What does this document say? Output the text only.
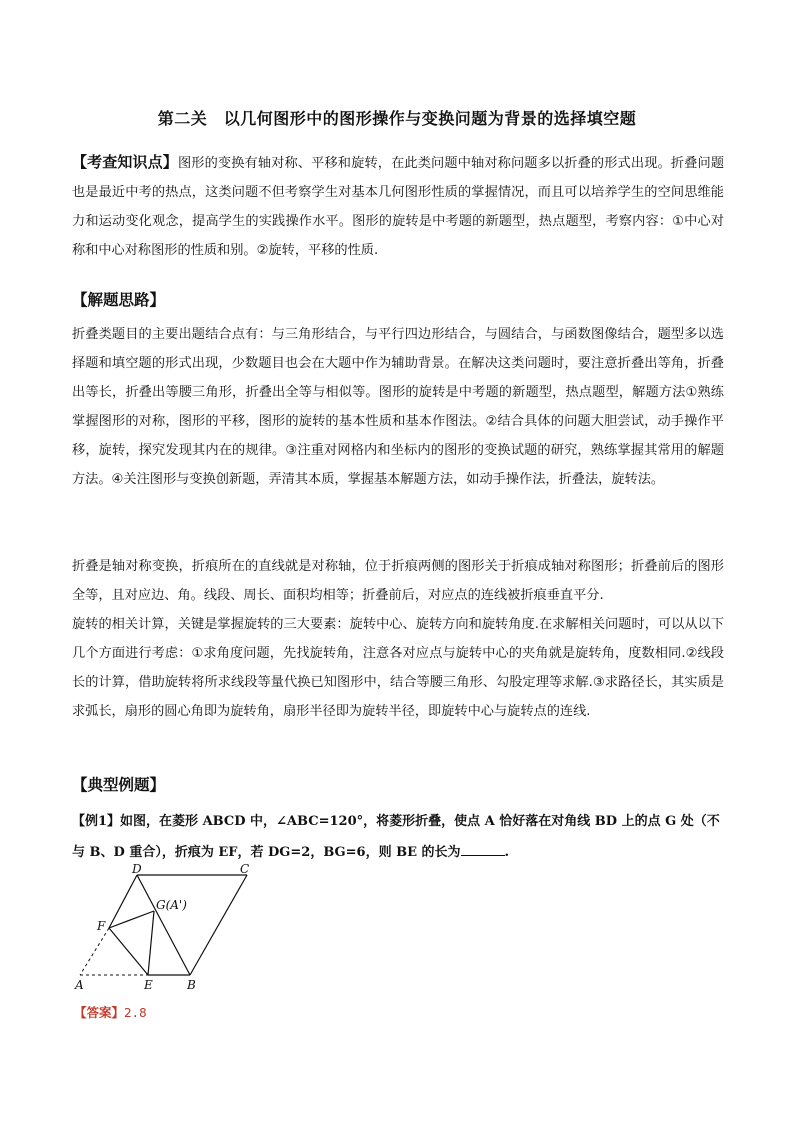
第二关　以几何图形中的图形操作与变换问题为背景的选择填空题
【考查知识点】图形的变换有轴对称、平移和旋转，在此类问题中轴对称问题多以折叠的形式出现。折叠问题也是最近中考的热点，这类问题不但考察学生对基本几何图形性质的掌握情况，而且可以培养学生的空间思维能力和运动变化观念，提高学生的实践操作水平。图形的旋转是中考题的新题型，热点题型，考察内容：①中心对称和中心对称图形的性质和别。②旋转，平移的性质.
【解题思路】
折叠类题目的主要出题结合点有：与三角形结合，与平行四边形结合，与圆结合，与函数图像结合，题型多以选择题和填空题的形式出现，少数题目也会在大题中作为辅助背景。在解决这类问题时，要注意折叠出等角，折叠出等长，折叠出等腰三角形，折叠出全等与相似等。图形的旋转是中考题的新题型，热点题型，解题方法①熟练掌握图形的对称，图形的平移，图形的旋转的基本性质和基本作图法。②结合具体的问题大胆尝试，动手操作平移，旋转，探究发现其内在的规律。③注重对网格内和坐标内的图形的变换试题的研究，熟练掌握其常用的解题方法。④关注图形与变换创新题，弄清其本质，掌握基本解题方法，如动手操作法，折叠法，旋转法。
折叠是轴对称变换，折痕所在的直线就是对称轴，位于折痕两侧的图形关于折痕成轴对称图形；折叠前后的图形全等，且对应边、角。线段、周长、面积均相等；折叠前后，对应点的连线被折痕垂直平分.
旋转的相关计算，关键是掌握旋转的三大要素：旋转中心、旋转方向和旋转角度.在求解相关问题时，可以从以下几个方面进行考虑：①求角度问题，先找旋转角，注意各对应点与旋转中心的夹角就是旋转角，度数相同.②线段长的计算，借助旋转将所求线段等量代换已知图形中，结合等腰三角形、勾股定理等求解.③求路径长，其实质是求弧长，扇形的圆心角即为旋转角，扇形半径即为旋转半径，即旋转中心与旋转点的连线.
【典型例题】
【例1】如图，在菱形 ABCD 中，∠ABC=120°，将菱形折叠，使点 A 恰好落在对角线 BD 上的点 G 处（不与 B、D 重合），折痕为 EF，若 DG=2，BG=6，则 BE 的长为	.
D	C
G(A')
F
A	E	B
【答案】2.8
